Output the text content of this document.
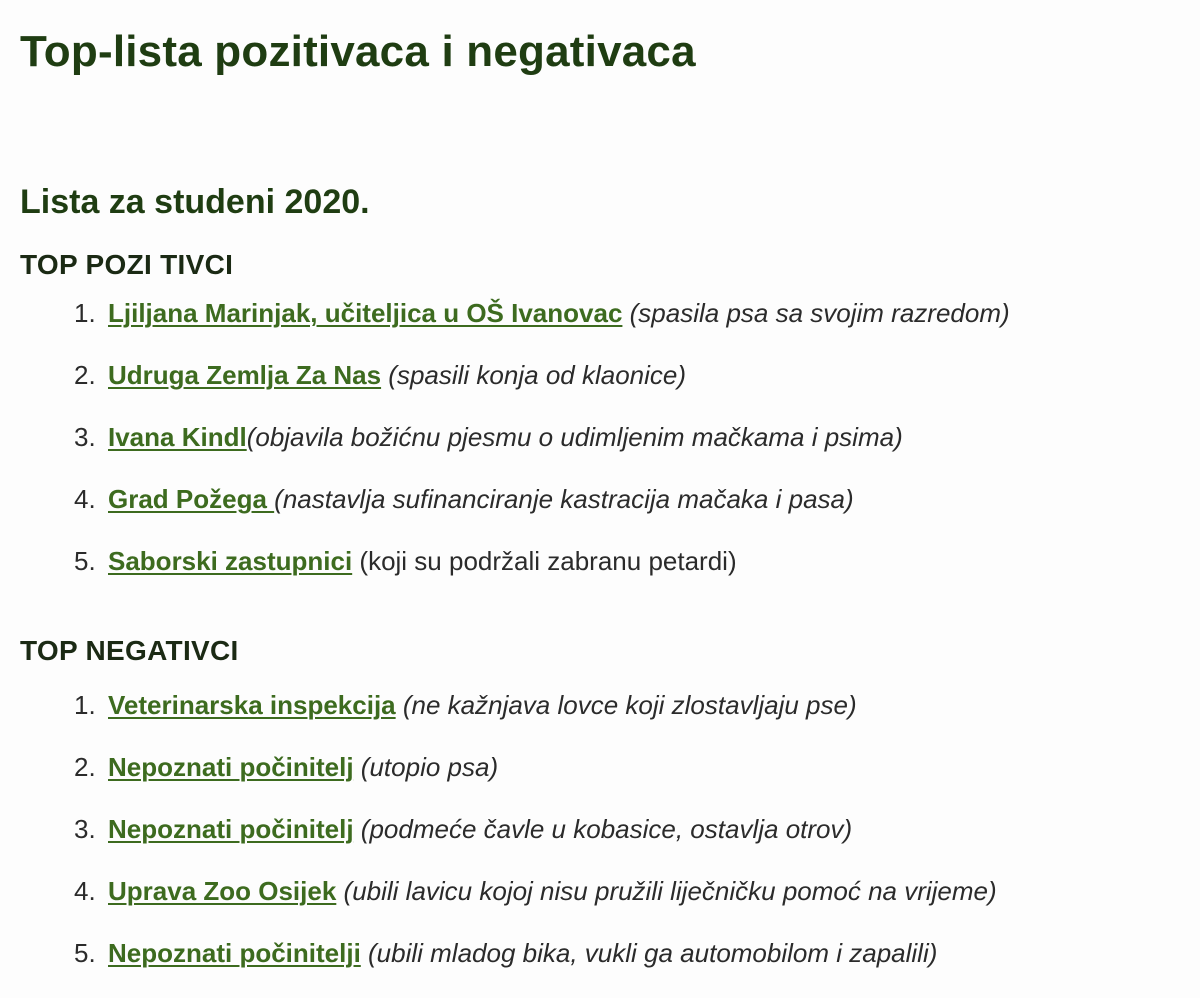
Top-lista pozitivaca i negativaca
Lista za studeni 2020.
TOP POZI TIVCI
1. Ljiljana Marinjak, učiteljica u OŠ Ivanovac (spasila psa sa svojim razredom)
2. Udruga Zemlja Za Nas (spasili konja od klaonice)
3. Ivana Kindl(objavila božićnu pjesmu o udimljenim mačkama i psima)
4. Grad Požega (nastavlja sufinanciranje kastracija mačaka i pasa)
5. Saborski zastupnici (koji su podržali zabranu petardi)
TOP NEGATIVCI
1. Veterinarska inspekcija (ne kažnjava lovce koji zlostavljaju pse)
2. Nepoznati počinitelj (utopio psa)
3. Nepoznati počinitelj (podmeće čavle u kobasice, ostavlja otrov)
4. Uprava Zoo Osijek (ubili lavicu kojoj nisu pružili liječničku pomoć na vrijeme)
5. Nepoznati počinitelji (ubili mladog bika, vukli ga automobilom i zapalili)
